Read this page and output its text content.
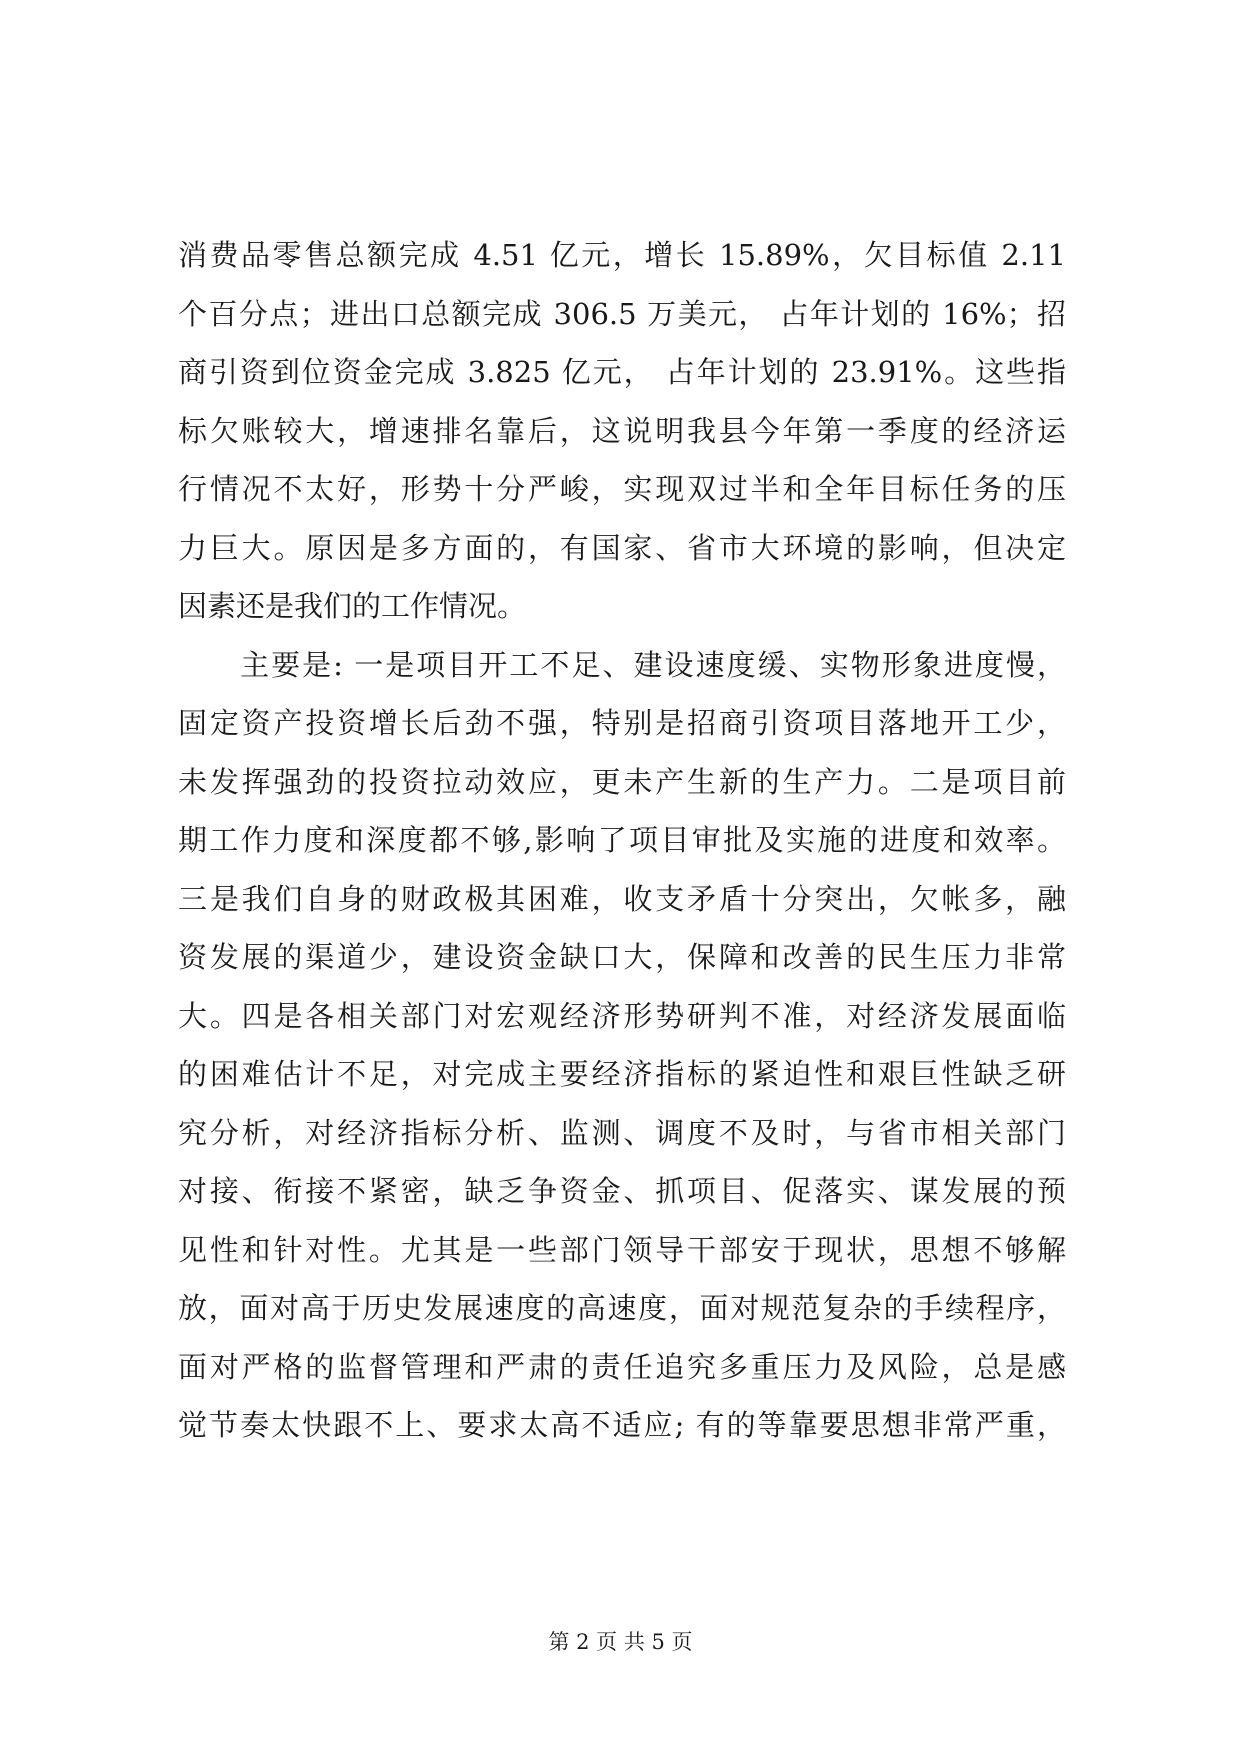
消费品零售总额完成 4.51 亿元，增长 15.89%，欠目标值 2.11
个百分点；进出口总额完成 306.5 万美元， 占年计划的 16%；招
商引资到位资金完成 3.825 亿元， 占年计划的 23.91%。这些指
标欠账较大，增速排名靠后，这说明我县今年第一季度的经济运
行情况不太好，形势十分严峻，实现双过半和全年目标任务的压
力巨大。原因是多方面的，有国家、省市大环境的影响，但决定
因素还是我们的工作情况。
　　主要是: 一是项目开工不足、建设速度缓、实物形象进度慢，
固定资产投资增长后劲不强，特别是招商引资项目落地开工少，
未发挥强劲的投资拉动效应，更未产生新的生产力。二是项目前
期工作力度和深度都不够,影响了项目审批及实施的进度和效率。
三是我们自身的财政极其困难，收支矛盾十分突出，欠帐多，融
资发展的渠道少，建设资金缺口大，保障和改善的民生压力非常
大。四是各相关部门对宏观经济形势研判不准，对经济发展面临
的困难估计不足，对完成主要经济指标的紧迫性和艰巨性缺乏研
究分析，对经济指标分析、监测、调度不及时，与省市相关部门
对接、衔接不紧密，缺乏争资金、抓项目、促落实、谋发展的预
见性和针对性。尤其是一些部门领导干部安于现状，思想不够解
放，面对高于历史发展速度的高速度，面对规范复杂的手续程序，
面对严格的监督管理和严肃的责任追究多重压力及风险，总是感
觉节奏太快跟不上、要求太高不适应; 有的等靠要思想非常严重，
第 2 页 共 5 页
